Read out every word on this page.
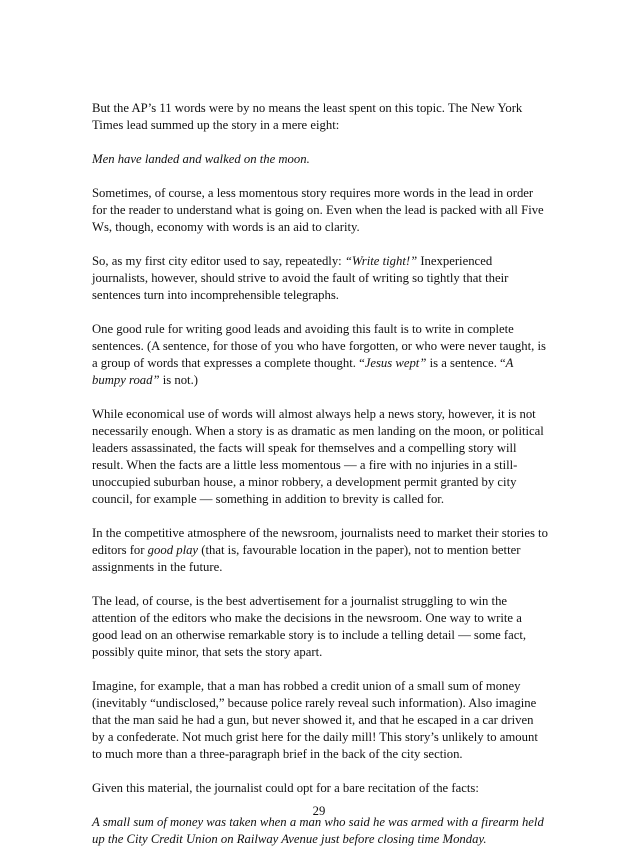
But the AP’s 11 words were by no means the least spent on this topic. The New York Times lead summed up the story in a mere eight:

Men have landed and walked on the moon.

Sometimes, of course, a less momentous story requires more words in the lead in order for the reader to understand what is going on. Even when the lead is packed with all Five Ws, though, economy with words is an aid to clarity.

So, as my first city editor used to say, repeatedly: “Write tight!” Inexperienced journalists, however, should strive to avoid the fault of writing so tightly that their sentences turn into incomprehensible telegraphs.

One good rule for writing good leads and avoiding this fault is to write in complete sentences. (A sentence, for those of you who have forgotten, or who were never taught, is a group of words that expresses a complete thought. “Jesus wept” is a sentence. “A bumpy road” is not.)

While economical use of words will almost always help a news story, however, it is not necessarily enough. When a story is as dramatic as men landing on the moon, or political leaders assassinated, the facts will speak for themselves and a compelling story will result. When the facts are a little less momentous — a fire with no injuries in a still-unoccupied suburban house, a minor robbery, a development permit granted by city council, for example — something in addition to brevity is called for.

In the competitive atmosphere of the newsroom, journalists need to market their stories to editors for good play (that is, favourable location in the paper), not to mention better assignments in the future.

The lead, of course, is the best advertisement for a journalist struggling to win the attention of the editors who make the decisions in the newsroom. One way to write a good lead on an otherwise remarkable story is to include a telling detail — some fact, possibly quite minor, that sets the story apart.

Imagine, for example, that a man has robbed a credit union of a small sum of money (inevitably “undisclosed,” because police rarely reveal such information). Also imagine that the man said he had a gun, but never showed it, and that he escaped in a car driven by a confederate. Not much grist here for the daily mill! This story’s unlikely to amount to much more than a three-paragraph brief in the back of the city section.

Given this material, the journalist could opt for a bare recitation of the facts:

A small sum of money was taken when a man who said he was armed with a firearm held up the City Credit Union on Railway Avenue just before closing time Monday.

29
